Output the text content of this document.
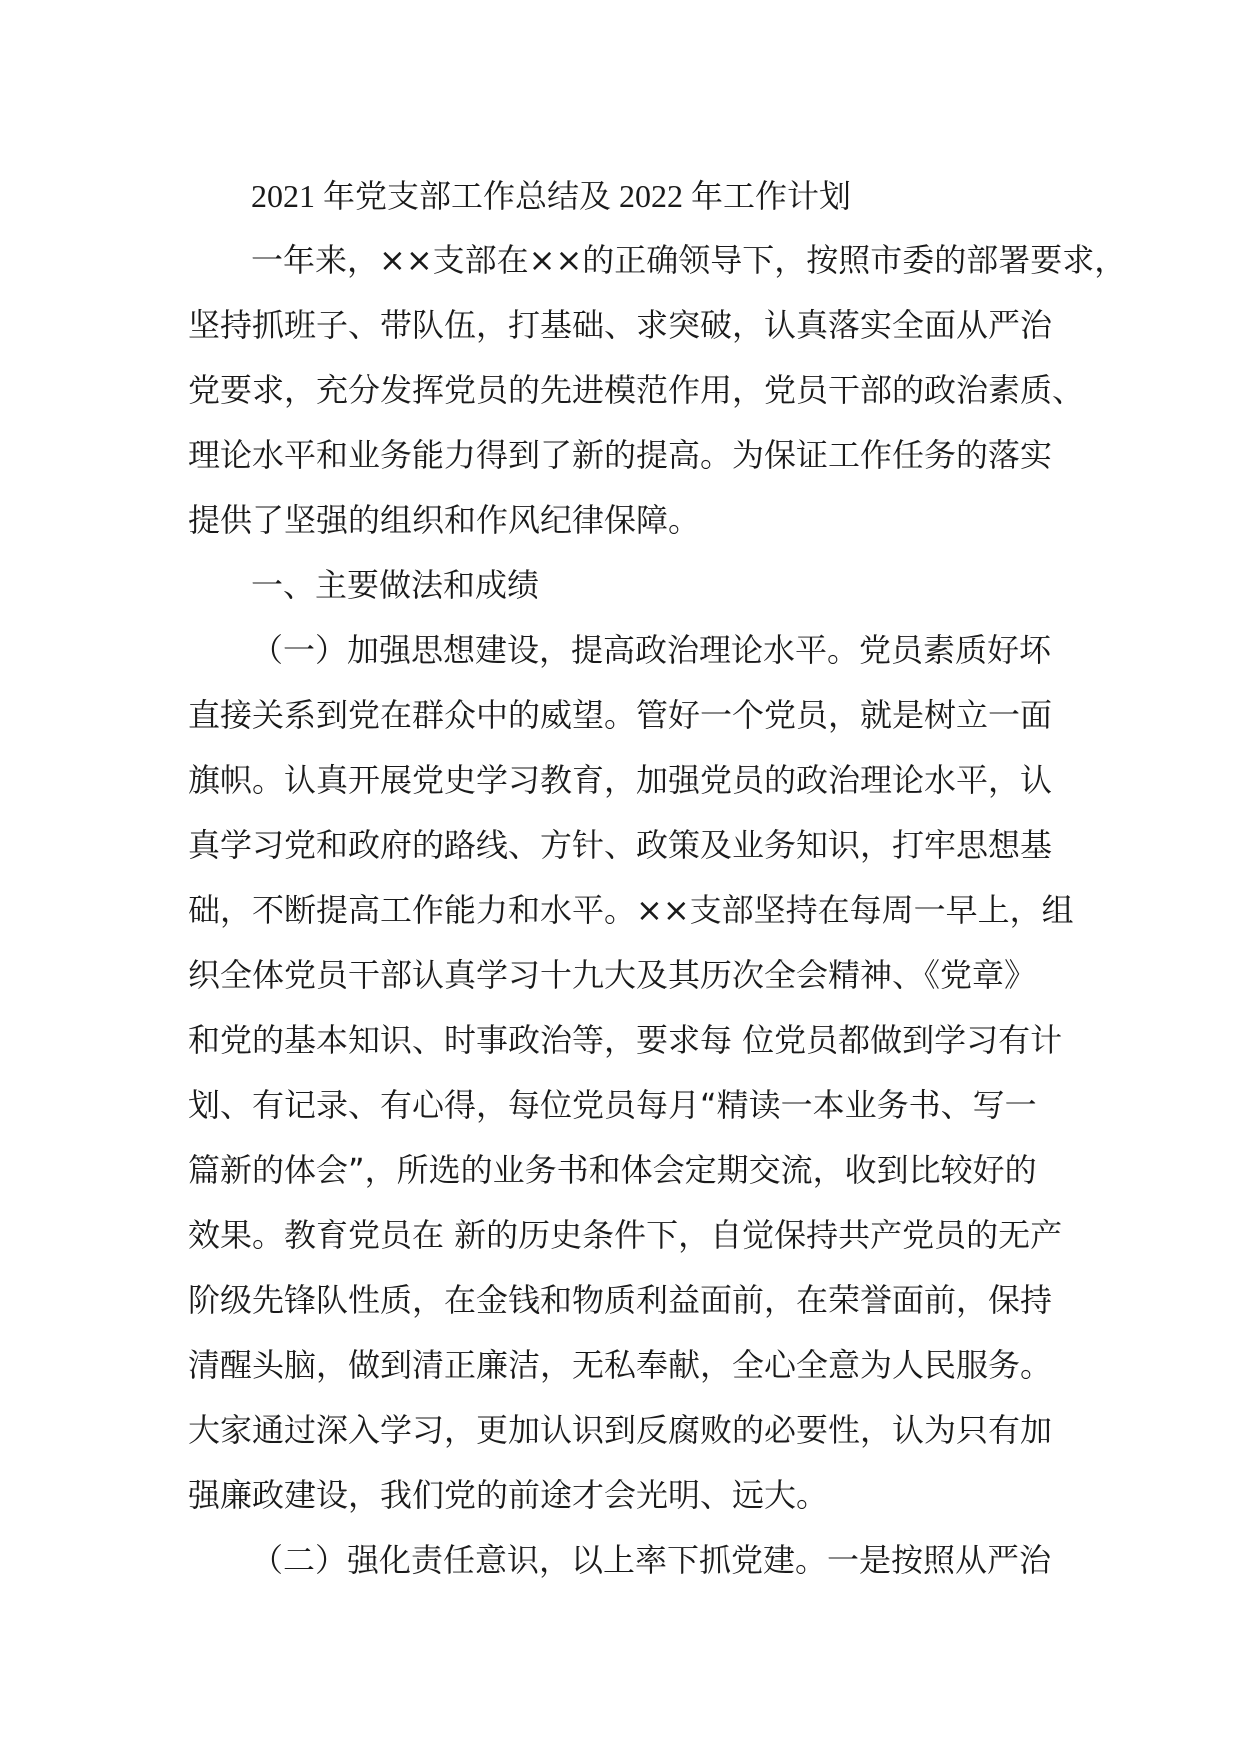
2021 年党支部工作总结及 2022 年工作计划
一年来，××支部在××的正确领导下，按照市委的部署要求，
坚持抓班子、带队伍，打基础、求突破，认真落实全面从严治
党要求，充分发挥党员的先进模范作用，党员干部的政治素质、
理论水平和业务能力得到了新的提高。为保证工作任务的落实
提供了坚强的组织和作风纪律保障。
一、主要做法和成绩
（一）加强思想建设，提高政治理论水平。党员素质好坏
直接关系到党在群众中的威望。管好一个党员，就是树立一面
旗帜。认真开展党史学习教育，加强党员的政治理论水平，认
真学习党和政府的路线、方针、政策及业务知识，打牢思想基
础，不断提高工作能力和水平。××支部坚持在每周一早上，组
织全体党员干部认真学习十九大及其历次全会精神、《党章》
和党的基本知识、时事政治等，要求每 位党员都做到学习有计
划、有记录、有心得，每位党员每月“精读一本业务书、写一
篇新的体会”，所选的业务书和体会定期交流，收到比较好的
效果。教育党员在 新的历史条件下，自觉保持共产党员的无产
阶级先锋队性质，在金钱和物质利益面前，在荣誉面前，保持
清醒头脑，做到清正廉洁，无私奉献，全心全意为人民服务。
大家通过深入学习，更加认识到反腐败的必要性，认为只有加
强廉政建设，我们党的前途才会光明、远大。
（二）强化责任意识，以上率下抓党建。一是按照从严治
